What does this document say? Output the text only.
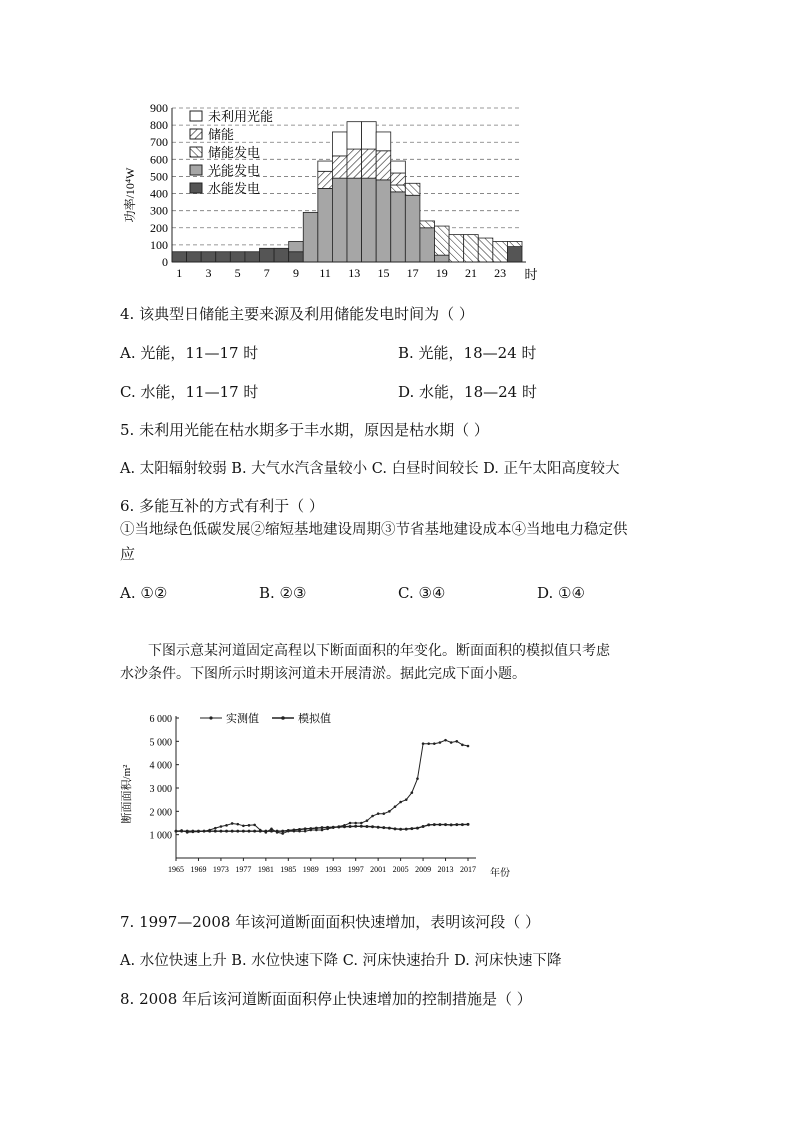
0
100
200
300
400
500
600
700
800
900
1 3 5 7 9 11 13 15 17 19 21 23
未利用光能
储能
储能发电
光能发电
水能发电
功率/10⁴W
时
4. 该典型日储能主要来源及利用储能发电时间为（ ）
A. 光能，11—17 时	B. 光能，18—24 时
C. 水能，11—17 时	D. 水能，18—24 时
5. 未利用光能在枯水期多于丰水期，原因是枯水期（ ）
A. 太阳辐射较弱 B. 大气水汽含量较小 C. 白昼时间较长 D. 正午太阳高度较大
6. 多能互补的方式有利于（ ）
①当地绿色低碳发展②缩短基地建设周期③节省基地建设成本④当地电力稳定供
应
A. ①②	B. ②③	C. ③④	D. ①④
下图示意某河道固定高程以下断面面积的年变化。断面面积的模拟值只考虑
水沙条件。下图所示时期该河道未开展清淤。据此完成下面小题。
1 000
2 000
3 000
4 000
5 000
6 000
1965 1969 1973 1977 1981 1985 1989 1993 1997 2001 2005 2009 2013 2017
实测值	模拟值
断面面积/m²
年份
7. 1997—2008 年该河道断面面积快速增加，表明该河段（ ）
A. 水位快速上升 B. 水位快速下降 C. 河床快速抬升 D. 河床快速下降
8. 2008 年后该河道断面面积停止快速增加的控制措施是（ ）
